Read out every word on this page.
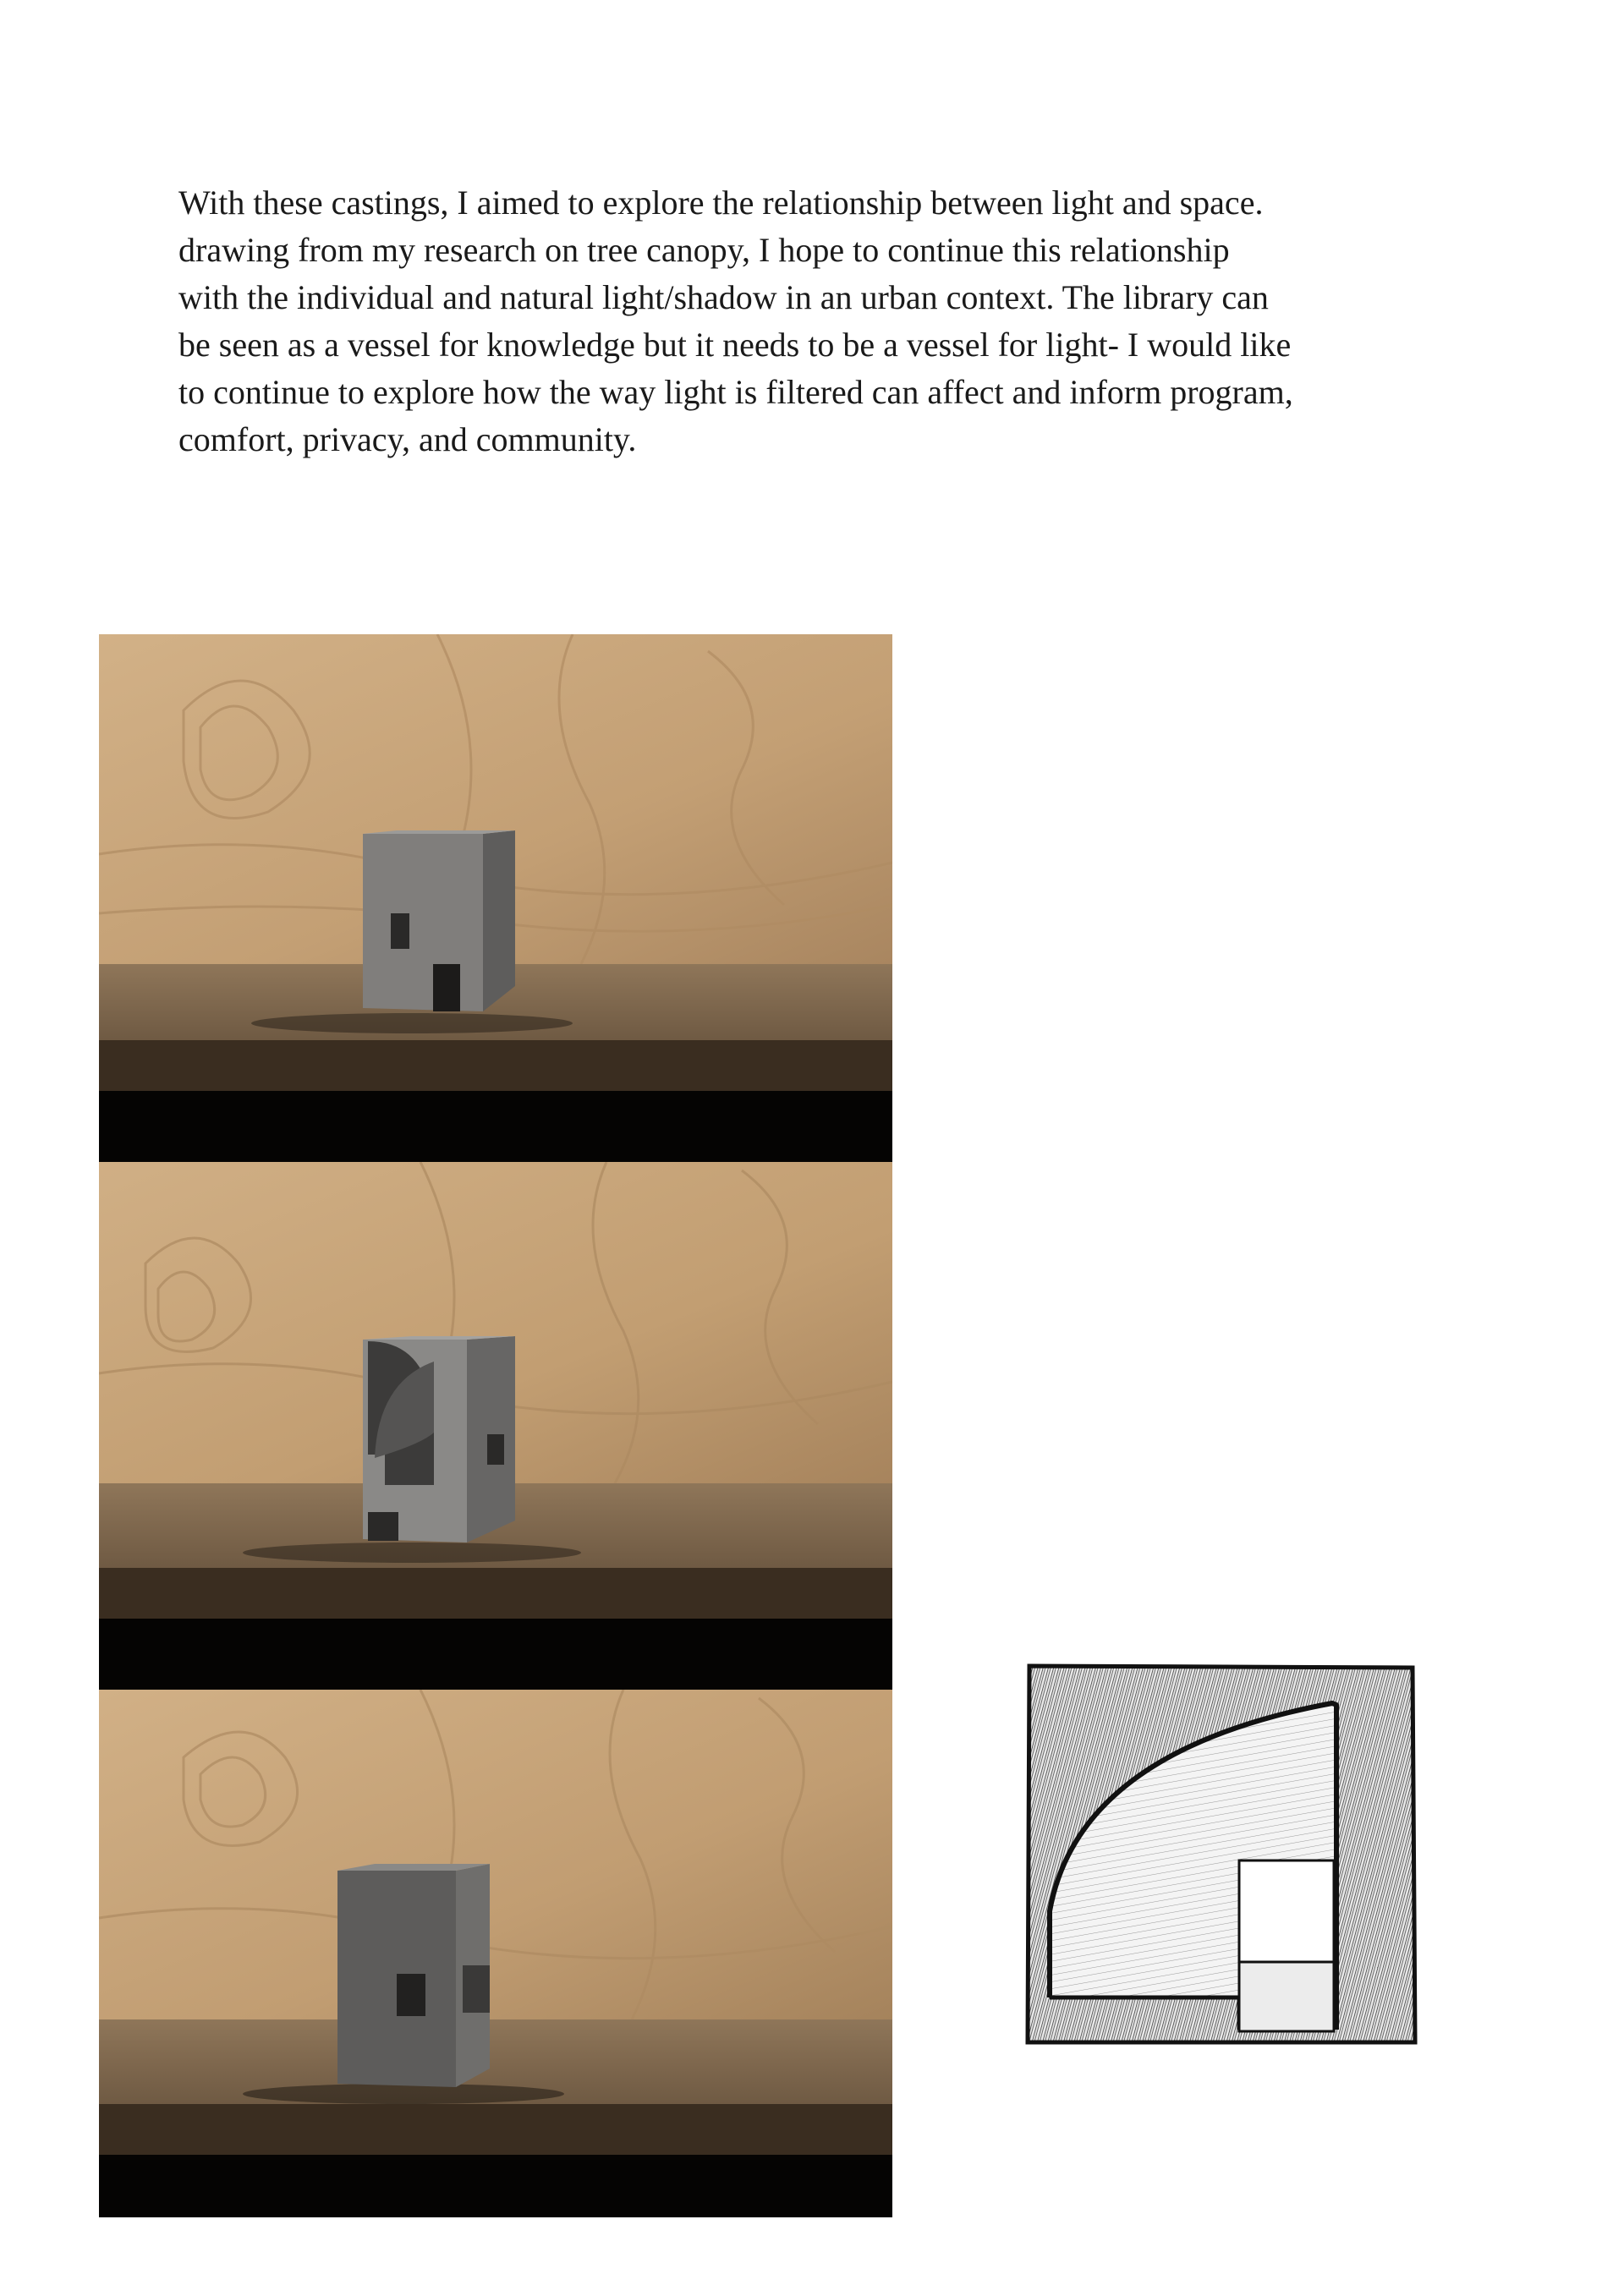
With these castings, I aimed to explore the relationship between light and space.

drawing from my research on tree canopy, I hope to continue this relationship

with the individual and natural light/shadow in an urban context. The library can

be seen as a vessel for knowledge but it needs to be a vessel for light- I would like

to continue to explore how the way light is filtered can affect and inform program,

comfort, privacy, and community.
